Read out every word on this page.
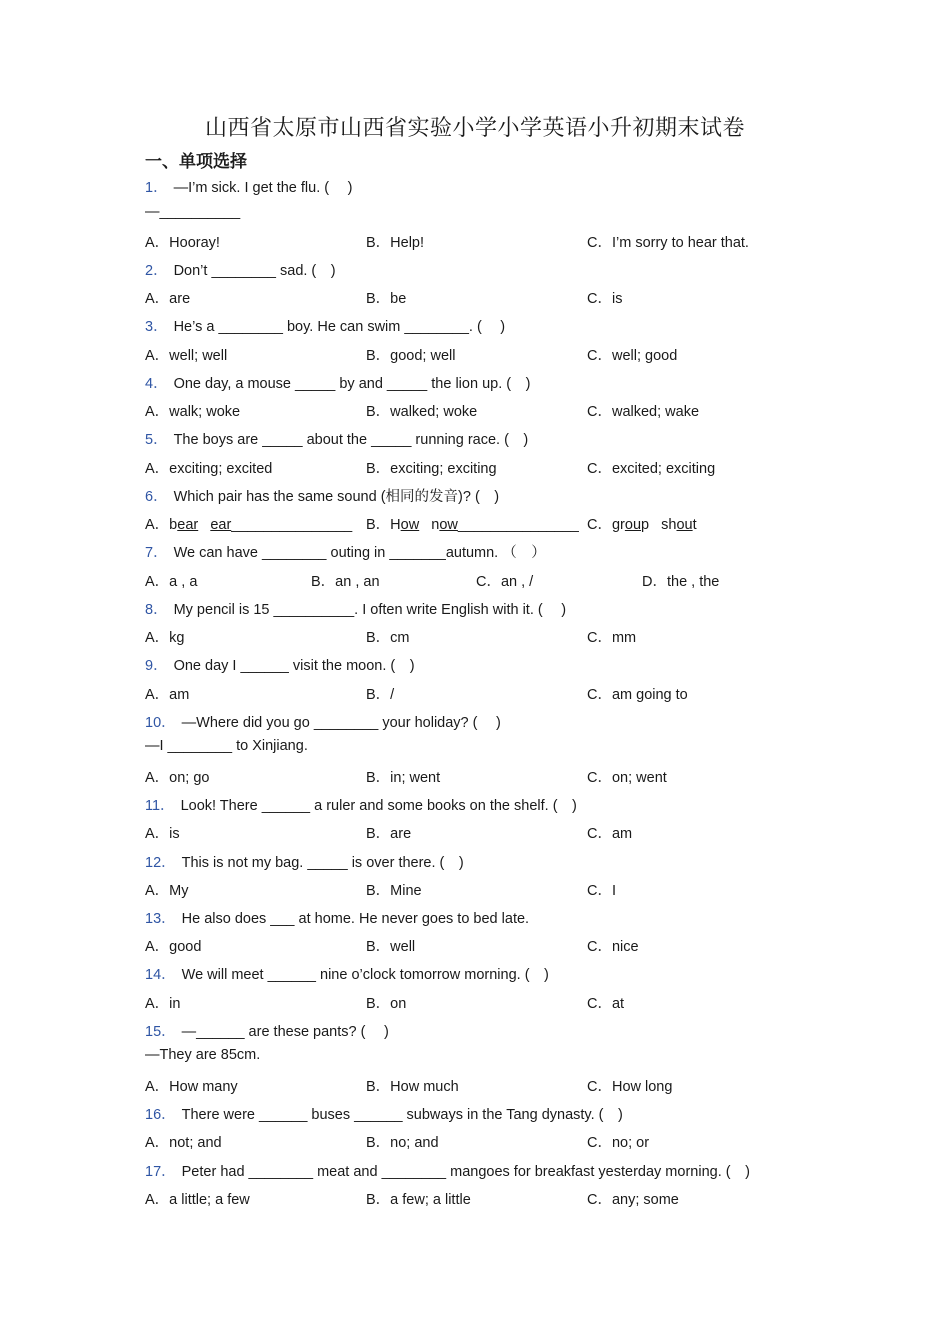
山西省太原市山西省实验小学小学英语小升初期末试卷
一、单项选择
1． —I’m sick. I get the flu. (　 )
—__________
A．Hooray!	B．Help!	C．I’m sorry to hear that.
2． Don’t ________ sad. (　)
A．are	B．be	C．is
3． He’s a ________ boy. He can swim ________. (　 )
A．well; well	B．good; well	C．well; good
4． One day, a mouse _____ by and _____ the lion up. (　)
A．walk; woke	B．walked; woke	C．walked; wake
5． The boys are _____ about the _____ running race. (　)
A．exciting; excited	B．exciting; exciting	C．excited; exciting
6． Which pair has the same sound (相同的发音)? (　)
A．bear ear_______________ B．How   now_______________ C．group   shout
7． We can have ________ outing in _______autumn. （　）
A．a , a	B．an , an	C．an , /	D．the , the
8． My pencil is 15 __________. I often write English with it. (　 )
A．kg	B．cm	C．mm
9． One day I ______ visit the moon. (　)
A．am	B．/	C．am going to
10． —Where did you go ________ your holiday? (　 )
—I ________ to Xinjiang.
A．on; go	B．in; went	C．on; went
11． Look! There ______ a ruler and some books on the shelf. (　)
A．is	B．are	C．am
12． This is not my bag. _____ is over there. (　)
A．My	B．Mine	C．I
13． He also does ___ at home. He never goes to bed late.
A．good	B．well	C．nice
14． We will meet ______ nine o’clock tomorrow morning. (　)
A．in	B．on	C．at
15． —______ are these pants? (　 )
—They are 85cm.
A．How many	B．How much	C．How long
16． There were ______ buses ______ subways in the Tang dynasty. (　)
A．not; and	B．no; and	C．no; or
17． Peter had ________ meat and ________ mangoes for breakfast yesterday morning. (　)
A．a little; a few	B．a few; a little	C．any; some
